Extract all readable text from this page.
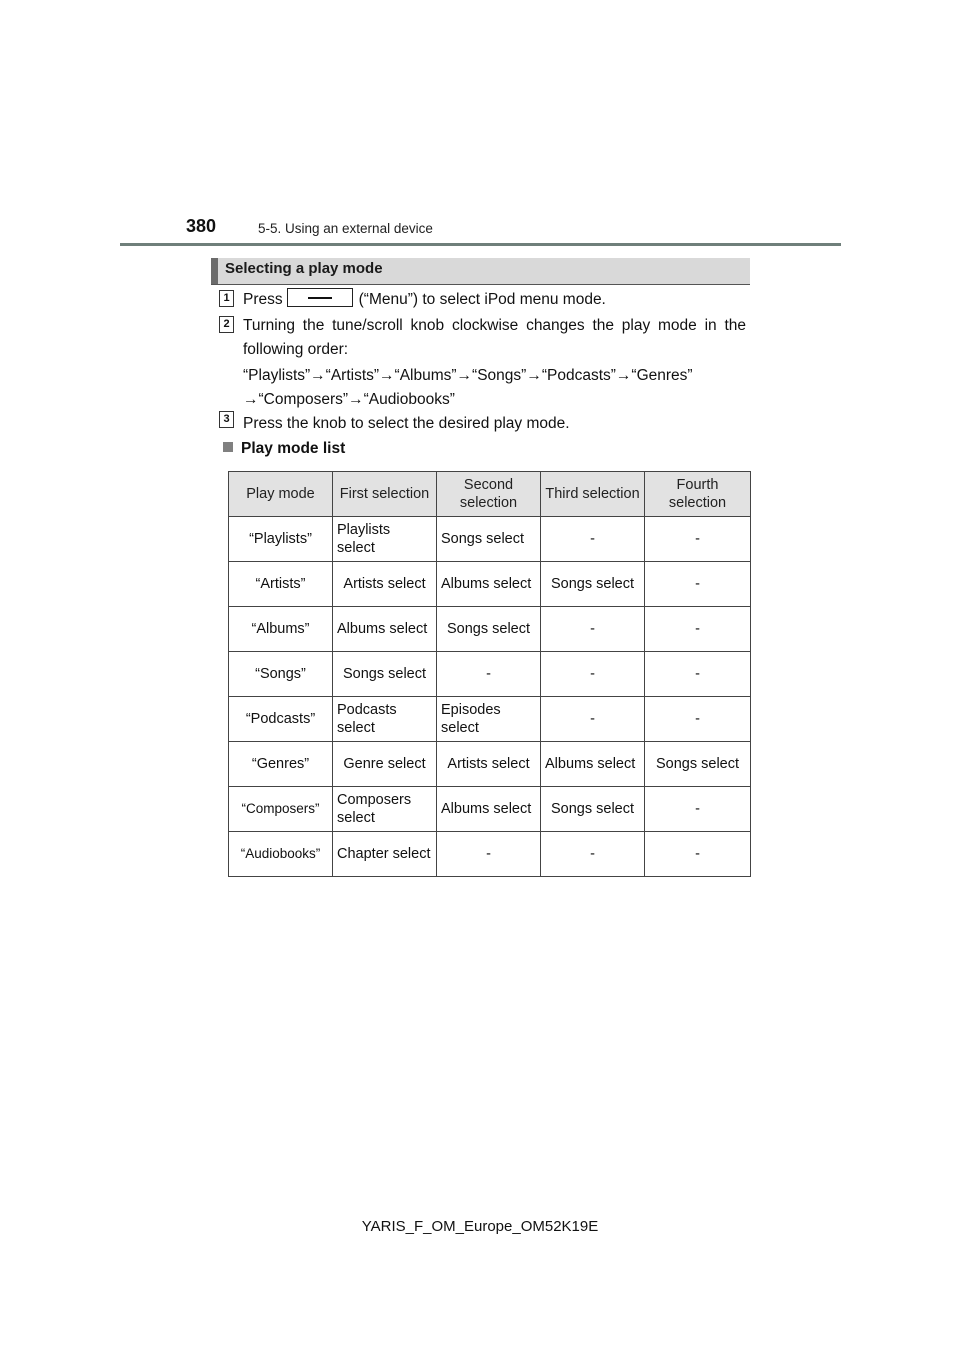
380	5-5. Using an external device
Selecting a play mode
1 Press	(“Menu”) to select iPod menu mode.
2 Turning the tune/scroll knob clockwise changes the play mode in the following order:
“Playlists”→“Artists”→“Albums”→“Songs”→“Podcasts”→“Genres”
→“Composers”→“Audiobooks”
3 Press the knob to select the desired play mode.
Play mode list
Play mode	First selection	Second selection	Third selection	Fourth selection
“Playlists”	Playlists select	Songs select	-	-
“Artists”	Artists select	Albums select	Songs select	-
“Albums”	Albums select	Songs select	-	-
“Songs”	Songs select	-	-	-
“Podcasts”	Podcasts select	Episodes select	-	-
“Genres”	Genre select	Artists select	Albums select	Songs select
“Composers”	Composers select	Albums select	Songs select	-
“Audiobooks”	Chapter select	-	-	-
YARIS_F_OM_Europe_OM52K19E
